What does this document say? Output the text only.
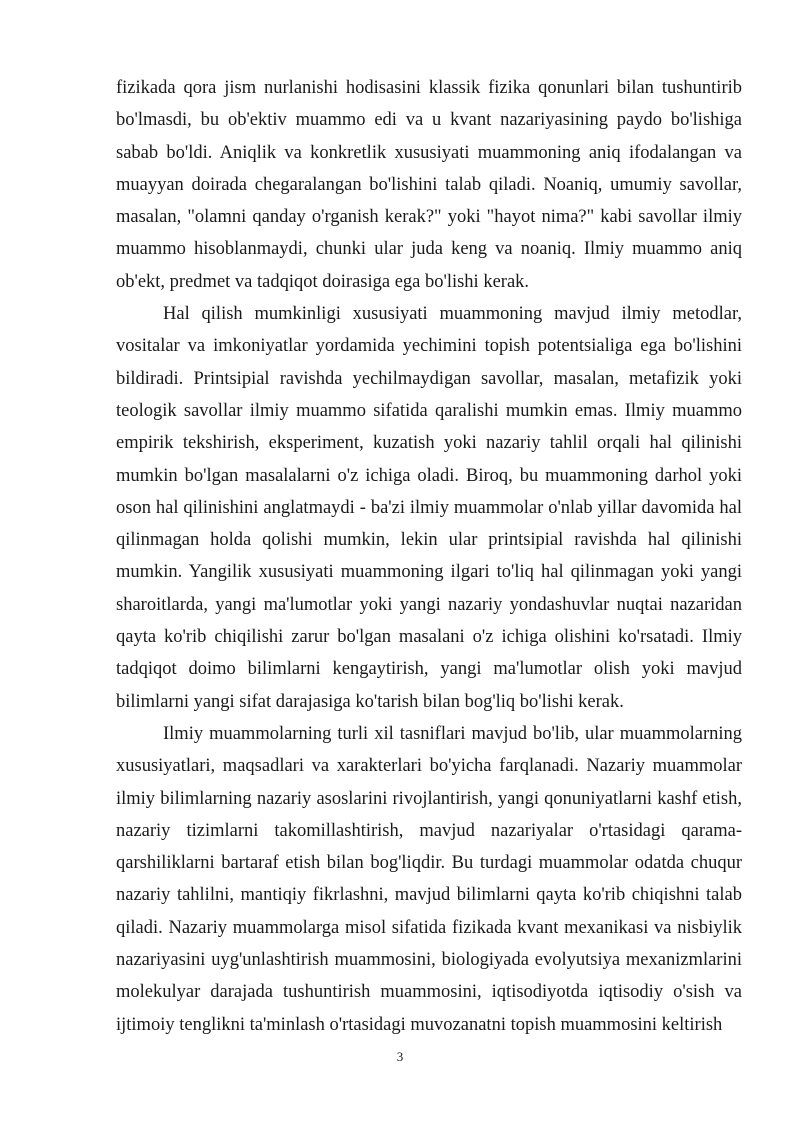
fizikada qora jism nurlanishi hodisasini klassik fizika qonunlari bilan tushuntirib bo'lmasdi, bu ob'ektiv muammo edi va u kvant nazariyasining paydo bo'lishiga sabab bo'ldi. Aniqlik va konkretlik xususiyati muammoning aniq ifodalangan va muayyan doirada chegaralangan bo'lishini talab qiladi. Noaniq, umumiy savollar, masalan, "olamni qanday o'rganish kerak?" yoki "hayot nima?" kabi savollar ilmiy muammo hisoblanmaydi, chunki ular juda keng va noaniq. Ilmiy muammo aniq ob'ekt, predmet va tadqiqot doirasiga ega bo'lishi kerak.

Hal qilish mumkinligi xususiyati muammoning mavjud ilmiy metodlar, vositalar va imkoniyatlar yordamida yechimini topish potentsialiga ega bo'lishini bildiradi. Printsipial ravishda yechilmaydigan savollar, masalan, metafizik yoki teologik savollar ilmiy muammo sifatida qaralishi mumkin emas. Ilmiy muammo empirik tekshirish, eksperiment, kuzatish yoki nazariy tahlil orqali hal qilinishi mumkin bo'lgan masalalarni o'z ichiga oladi. Biroq, bu muammoning darhol yoki oson hal qilinishini anglatmaydi - ba'zi ilmiy muammolar o'nlab yillar davomida hal qilinmagan holda qolishi mumkin, lekin ular printsipial ravishda hal qilinishi mumkin. Yangilik xususiyati muammoning ilgari to'liq hal qilinmagan yoki yangi sharoitlarda, yangi ma'lumotlar yoki yangi nazariy yondashuvlar nuqtai nazaridan qayta ko'rib chiqilishi zarur bo'lgan masalani o'z ichiga olishini ko'rsatadi. Ilmiy tadqiqot doimo bilimlarni kengaytirish, yangi ma'lumotlar olish yoki mavjud bilimlarni yangi sifat darajasiga ko'tarish bilan bog'liq bo'lishi kerak.

Ilmiy muammolarning turli xil tasniflari mavjud bo'lib, ular muammolarning xususiyatlari, maqsadlari va xarakterlari bo'yicha farqlanadi. Nazariy muammolar ilmiy bilimlarning nazariy asoslarini rivojlantirish, yangi qonuniyatlarni kashf etish, nazariy tizimlarni takomillashtirish, mavjud nazariyalar o'rtasidagi qarama-qarshiliklarni bartaraf etish bilan bog'liqdir. Bu turdagi muammolar odatda chuqur nazariy tahlilni, mantiqiy fikrlashni, mavjud bilimlarni qayta ko'rib chiqishni talab qiladi. Nazariy muammolarga misol sifatida fizikada kvant mexanikasi va nisbiylik nazariyasini uyg'unlashtirish muammosini, biologiyada evolyutsiya mexanizmlarini molekulyar darajada tushuntirish muammosini, iqtisodiyotda iqtisodiy o'sish va ijtimoiy tenglikni ta'minlash o'rtasidagi muvozanatni topish muammosini keltirish

3
